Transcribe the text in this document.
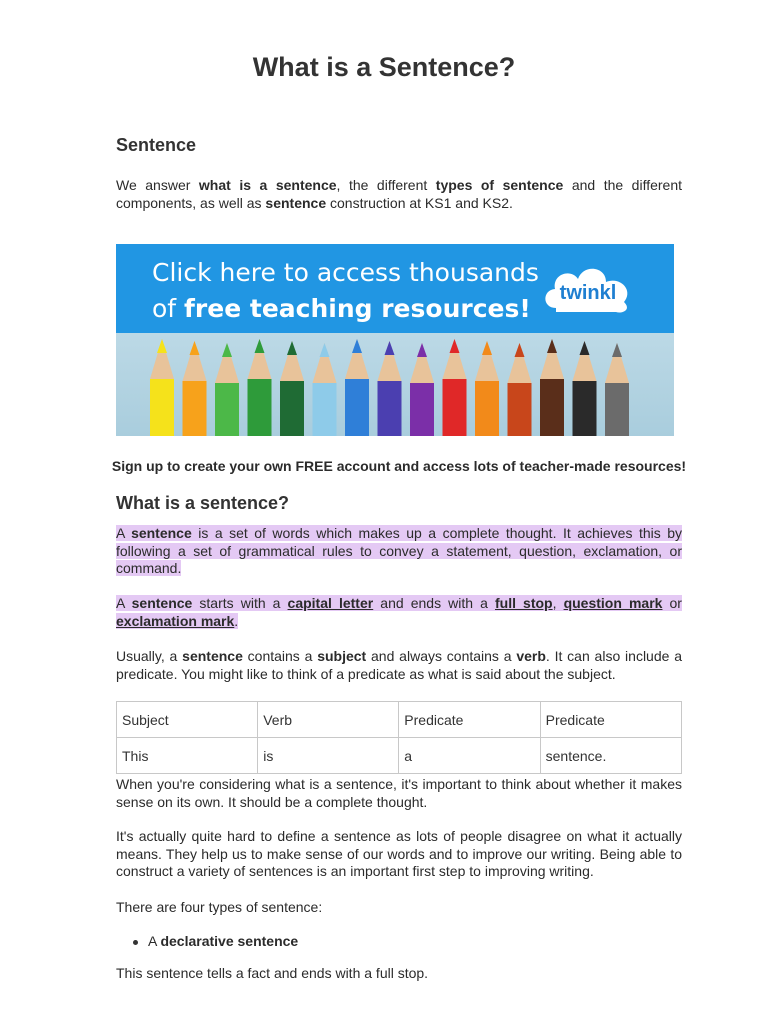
What is a Sentence?
Sentence

We answer what is a sentence, the different types of sentence and the different components, as well as sentence construction at KS1 and KS2.

Click here to access thousands
of free teaching resources!
twinkl
Sign up to create your own FREE account and access lots of teacher-made resources!
What is a sentence?

A sentence is a set of words which makes up a complete thought. It achieves this by following a set of grammatical rules to convey a statement, question, exclamation, or command.

A sentence starts with a capital letter and ends with a full stop, question mark or exclamation mark.

Usually, a sentence contains a subject and always contains a verb. It can also include a predicate. You might like to think of a predicate as what is said about the subject.

Subject	Verb	Predicate	Predicate
This	is	a	sentence.

When you're considering what is a sentence, it's important to think about whether it makes sense on its own. It should be a complete thought.

It's actually quite hard to define a sentence as lots of people disagree on what it actually means. They help us to make sense of our words and to improve our writing. Being able to construct a variety of sentences is an important first step to improving writing.

There are four types of sentence:

A declarative sentence

This sentence tells a fact and ends with a full stop.
